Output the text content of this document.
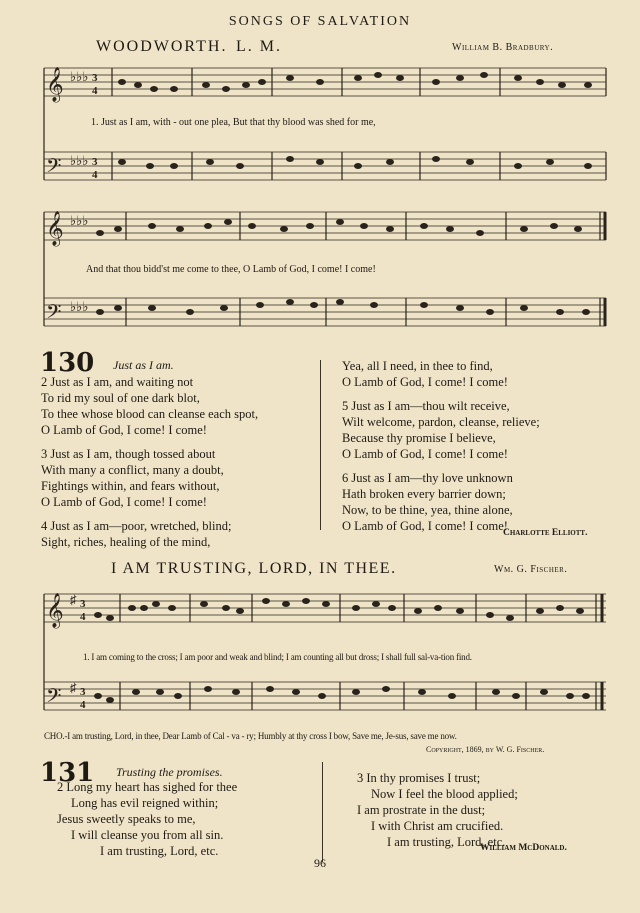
SONGS OF SALVATION
WOODWORTH. L. M.	William B. Bradbury.
𝄞
𝄢
♭♭♭
♭♭♭
3
4
3
4
1. Just as I am, with - out one plea, But that thy blood was shed for me,
𝄞
𝄢
♭♭♭
♭♭♭
And that thou bidd'st me come to thee, O Lamb of God, I come! I come!
130 Just as I am.
2 Just as I am, and waiting not
To rid my soul of one dark blot,
To thee whose blood can cleanse each spot,
O Lamb of God, I come! I come!
3 Just as I am, though tossed about
With many a conflict, many a doubt,
Fightings within, and fears without,
O Lamb of God, I come! I come!
4 Just as I am—poor, wretched, blind;
Sight, riches, healing of the mind,
Yea, all I need, in thee to find,
O Lamb of God, I come! I come!
5 Just as I am—thou wilt receive,
Wilt welcome, pardon, cleanse, relieve;
Because thy promise I believe,
O Lamb of God, I come! I come!
6 Just as I am—thy love unknown
Hath broken every barrier down;
Now, to be thine, yea, thine alone,
O Lamb of God, I come! I come!
Charlotte Elliott.
I AM TRUSTING, LORD, IN THEE.	Wm. G. Fischer.
𝄞
𝄢
♯
♯
3
4
3
4
1. I am coming to the cross; I am poor and weak and blind; I am counting all but dross; I shall full sal-va-tion find.
CHO.-I am trusting, Lord, in thee, Dear Lamb of Cal - va - ry; Humbly at thy cross I bow, Save me, Je-sus, save me now.
Copyright, 1869, by W. G. Fischer.
131 Trusting the promises.
2 Long my heart has sighed for thee
Long has evil reigned within;
Jesus sweetly speaks to me,
I will cleanse you from all sin.
I am trusting, Lord, etc.
3 In thy promises I trust;
Now I feel the blood applied;
I am prostrate in the dust;
I with Christ am crucified.
I am trusting, Lord, etc.
William McDonald.
96
